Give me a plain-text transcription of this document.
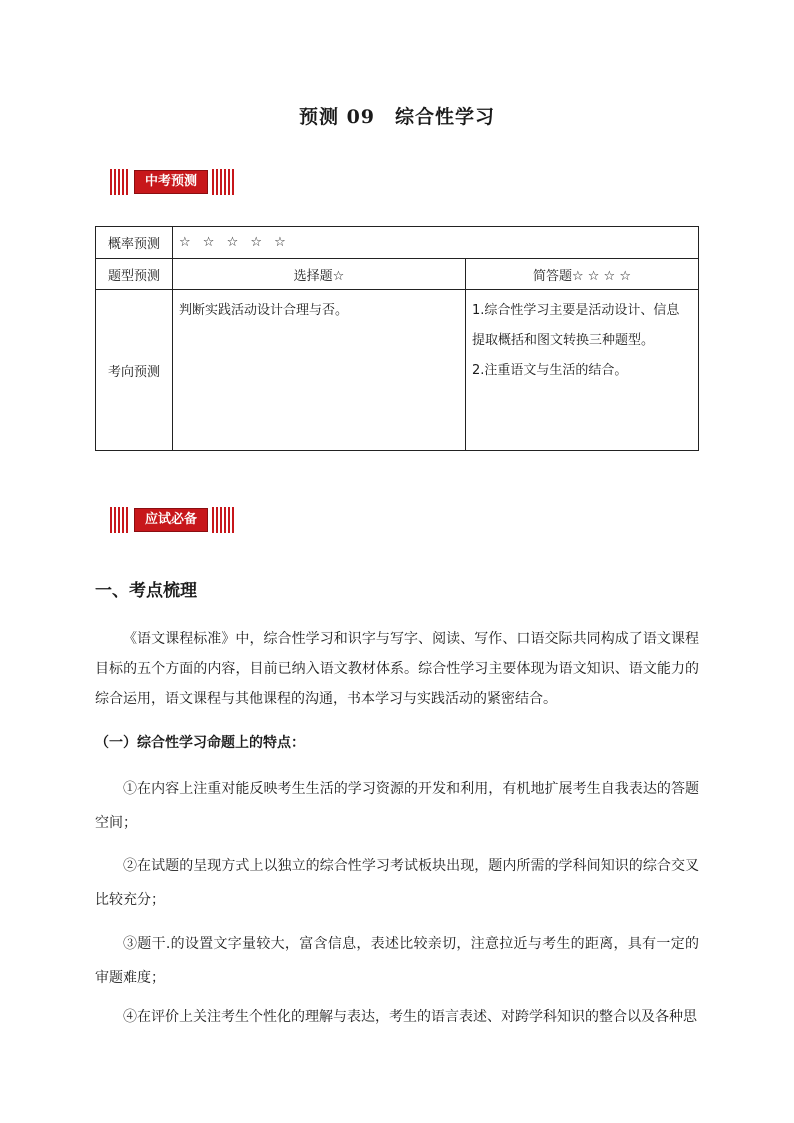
预测 09　综合性学习
中考预测
概率预测	☆ ☆ ☆ ☆ ☆	
题型预测	选择题☆	简答题☆ ☆ ☆ ☆
考向预测	判断实践活动设计合理与否。	1.综合性学习主要是活动设计、信息提取概括和图文转换三种题型。

2.注重语文与生活的结合。

应试必备
一、考点梳理

《语文课程标准》中，综合性学习和识字与写字、阅读、写作、口语交际共同构成了语文课程目标的五个方面的内容，目前已纳入语文教材体系。综合性学习主要体现为语文知识、语文能力的综合运用，语文课程与其他课程的沟通，书本学习与实践活动的紧密结合。

（一）综合性学习命题上的特点：

①在内容上注重对能反映考生生活的学习资源的开发和利用，有机地扩展考生自我表达的答题空间；

②在试题的呈现方式上以独立的综合性学习考试板块出现，题内所需的学科间知识的综合交叉比较充分；

③题干.的设置文字量较大，富含信息，表述比较亲切，注意拉近与考生的距离，具有一定的审题难度；

④在评价上关注考生个性化的理解与表达，考生的语言表述、对跨学科知识的整合以及各种思
